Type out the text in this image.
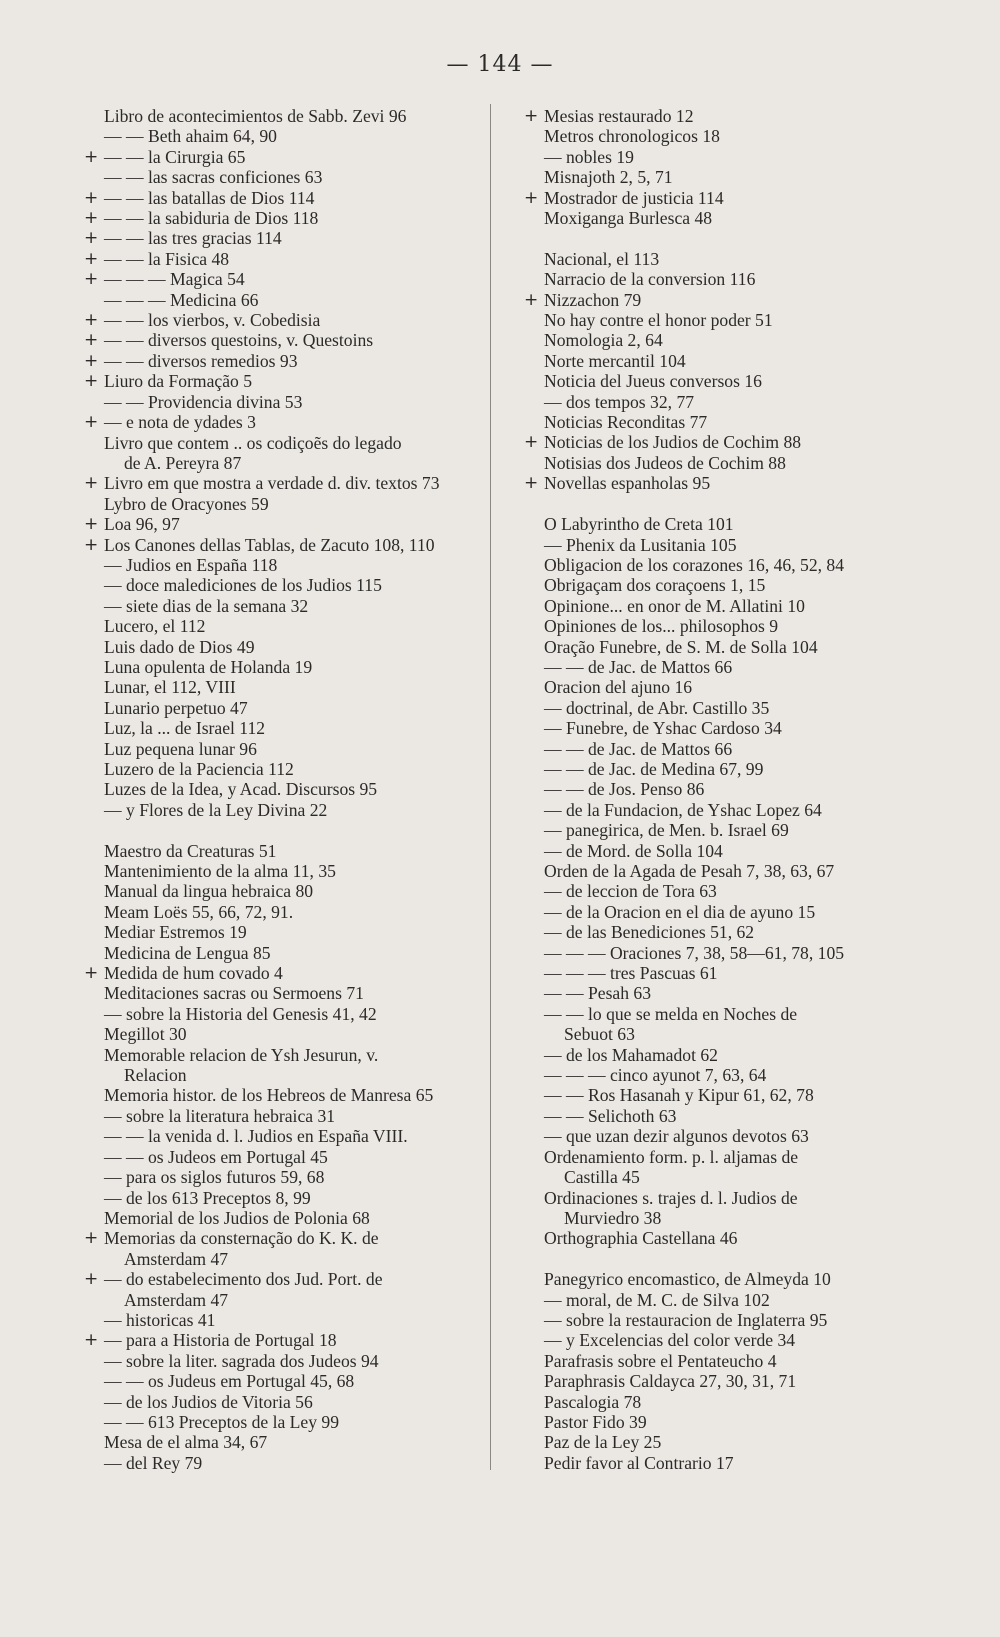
— 144 —
Libro de acontecimientos de Sabb. Zevi 96
— — Beth ahaim 64, 90
+ — — la Cirurgia 65
— — las sacras conficiones 63
+ — — las batallas de Dios 114
+ — — la sabiduria de Dios 118
+ — — las tres gracias 114
+ — — la Fisica 48
+ — — — Magica 54
— — — Medicina 66
+ — — los vierbos, v. Cobedisia
+ — — diversos questoins, v. Questoins
+ — — diversos remedios 93
+ Liuro da Formação 5
— — Providencia divina 53
+ — e nota de ydades 3
Livro que contem .. os codiçoẽs do legado
de A. Pereyra 87
+ Livro em que mostra a verdade d. div. textos 73
Lybro de Oracyones 59
+ Loa 96, 97
+ Los Canones dellas Tablas, de Zacuto 108, 110
— Judios en España 118
— doce malediciones de los Judios 115
— siete dias de la semana 32
Lucero, el 112
Luis dado de Dios 49
Luna opulenta de Holanda 19
Lunar, el 112, VIII
Lunario perpetuo 47
Luz, la ... de Israel 112
Luz pequena lunar 96
Luzero de la Paciencia 112
Luzes de la Idea, y Acad. Discursos 95
— y Flores de la Ley Divina 22
Maestro da Creaturas 51
Mantenimiento de la alma 11, 35
Manual da lingua hebraica 80
Meam Loës 55, 66, 72, 91.
Mediar Estremos 19
Medicina de Lengua 85
+ Medida de hum covado 4
Meditaciones sacras ou Sermoens 71
— sobre la Historia del Genesis 41, 42
Megillot 30
Memorable relacion de Ysh Jesurun, v.
Relacion
Memoria histor. de los Hebreos de Manresa 65
— sobre la literatura hebraica 31
— — la venida d. l. Judios en España VIII.
— — os Judeos em Portugal 45
— para os siglos futuros 59, 68
— de los 613 Preceptos 8, 99
Memorial de los Judios de Polonia 68
+ Memorias da consternação do K. K. de
Amsterdam 47
+ — do estabelecimento dos Jud. Port. de
Amsterdam 47
— historicas 41
+ — para a Historia de Portugal 18
— sobre la liter. sagrada dos Judeos 94
— — os Judeus em Portugal 45, 68
— de los Judios de Vitoria 56
— — 613 Preceptos de la Ley 99
Mesa de el alma 34, 67
— del Rey 79
+ Mesias restaurado 12
Metros chronologicos 18
— nobles 19
Misnajoth 2, 5, 71
+ Mostrador de justicia 114
Moxiganga Burlesca 48
Nacional, el 113
Narracio de la conversion 116
+ Nizzachon 79
No hay contre el honor poder 51
Nomologia 2, 64
Norte mercantil 104
Noticia del Jueus conversos 16
— dos tempos 32, 77
Noticias Reconditas 77
+ Noticias de los Judios de Cochim 88
Notisias dos Judeos de Cochim 88
+ Novellas espanholas 95
O Labyrintho de Creta 101
— Phenix da Lusitania 105
Obligacion de los corazones 16, 46, 52, 84
Obrigaçam dos coraçoens 1, 15
Opinione... en onor de M. Allatini 10
Opiniones de los... philosophos 9
Oração Funebre, de S. M. de Solla 104
— — de Jac. de Mattos 66
Oracion del ajuno 16
— doctrinal, de Abr. Castillo 35
— Funebre, de Yshac Cardoso 34
— — de Jac. de Mattos 66
— — de Jac. de Medina 67, 99
— — de Jos. Penso 86
— de la Fundacion, de Yshac Lopez 64
— panegirica, de Men. b. Israel 69
— de Mord. de Solla 104
Orden de la Agada de Pesah 7, 38, 63, 67
— de leccion de Tora 63
— de la Oracion en el dia de ayuno 15
— de las Benediciones 51, 62
— — — Oraciones 7, 38, 58—61, 78, 105
— — — tres Pascuas 61
— — Pesah 63
— — lo que se melda en Noches de
Sebuot 63
— de los Mahamadot 62
— — — cinco ayunot 7, 63, 64
— — Ros Hasanah y Kipur 61, 62, 78
— — Selichoth 63
— que uzan dezir algunos devotos 63
Ordenamiento form. p. l. aljamas de
Castilla 45
Ordinaciones s. trajes d. l. Judios de
Murviedro 38
Orthographia Castellana 46
Panegyrico encomastico, de Almeyda 10
— moral, de M. C. de Silva 102
— sobre la restauracion de Inglaterra 95
— y Excelencias del color verde 34
Parafrasis sobre el Pentateucho 4
Paraphrasis Caldayca 27, 30, 31, 71
Pascalogia 78
Pastor Fido 39
Paz de la Ley 25
Pedir favor al Contrario 17
